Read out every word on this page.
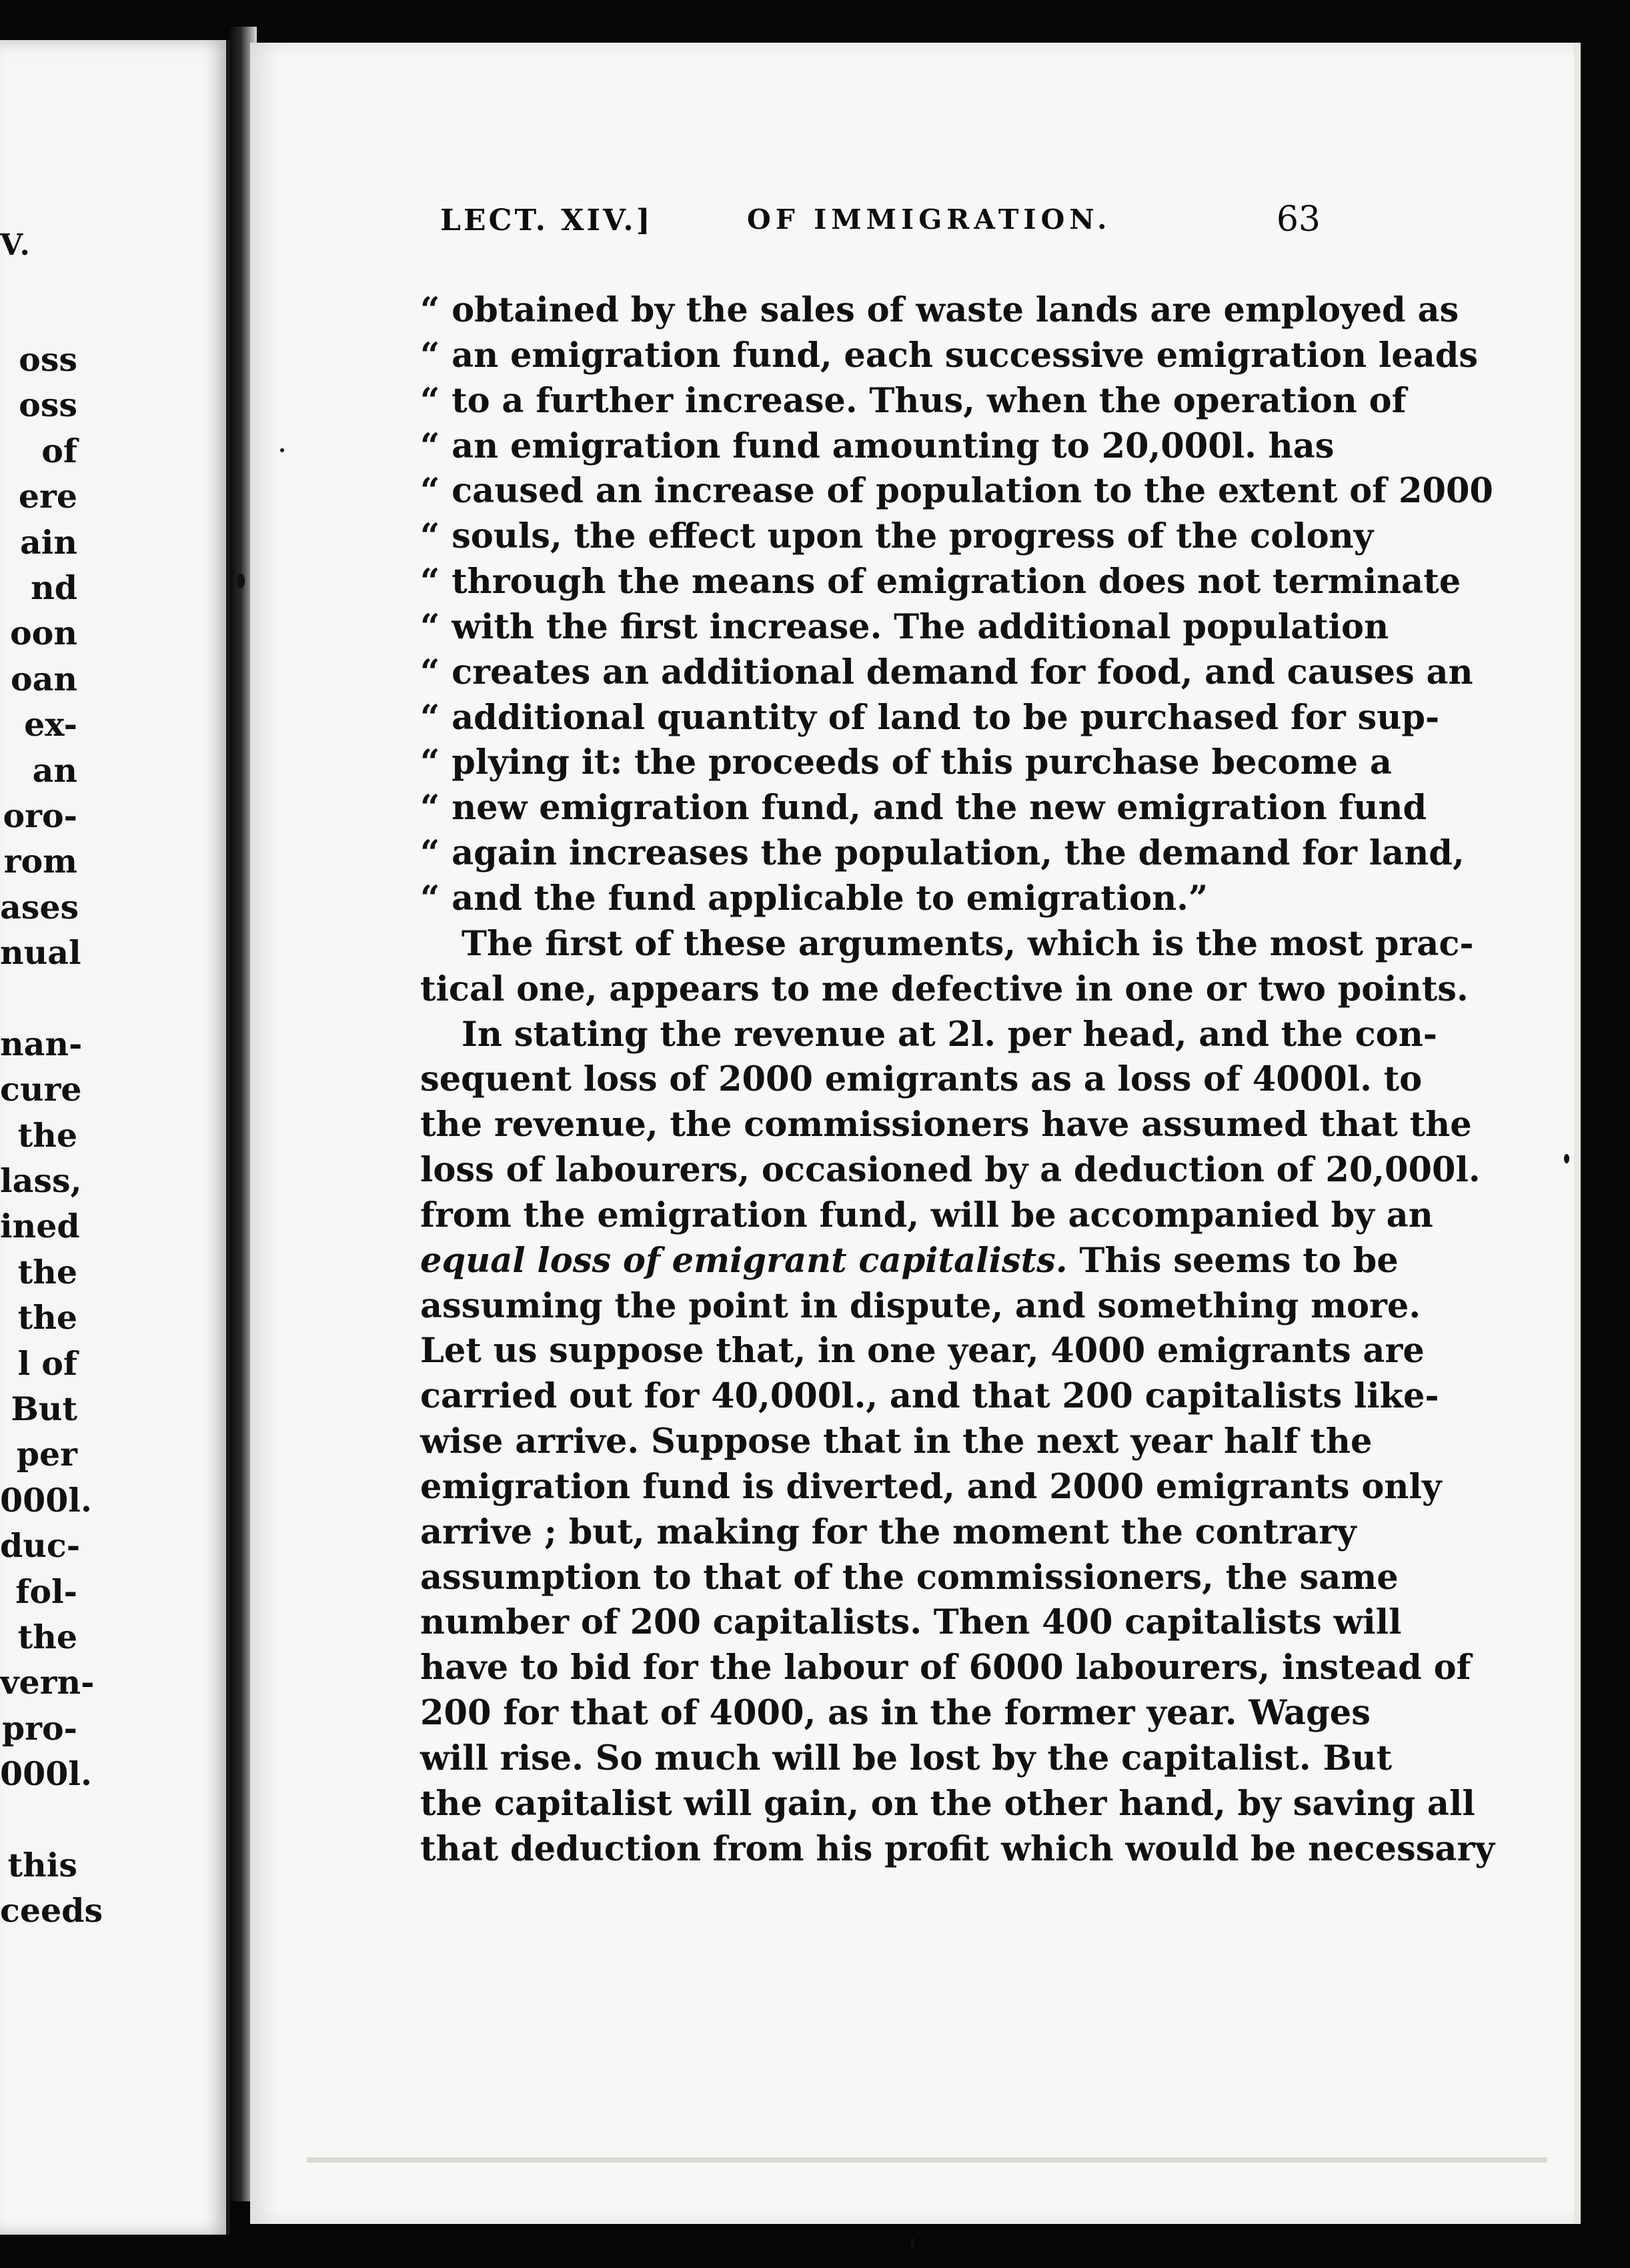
V.
oss
oss
of
ere
ain
nd
oon
oan
ex-
an
oro-
rom
ases
nual
nan-
cure
the
lass,
ined
the
the
l of
But
per
000l.
duc-
fol-
the
vern-
pro-
000l.
this
ceeds
LECT. XIV.]	OF IMMIGRATION.	63
“ obtained by the sales of waste lands are employed as
“ an emigration fund, each successive emigration leads
“ to a further increase. Thus, when the operation of
“ an emigration fund amounting to 20,000l. has
“ caused an increase of population to the extent of 2000
“ souls, the effect upon the progress of the colony
“ through the means of emigration does not terminate
“ with the first increase. The additional population
“ creates an additional demand for food, and causes an
“ additional quantity of land to be purchased for sup-
“ plying it: the proceeds of this purchase become a
“ new emigration fund, and the new emigration fund
“ again increases the population, the demand for land,
“ and the fund applicable to emigration.”
The first of these arguments, which is the most prac-
tical one, appears to me defective in one or two points.
In stating the revenue at 2l. per head, and the con-
sequent loss of 2000 emigrants as a loss of 4000l. to
the revenue, the commissioners have assumed that the
loss of labourers, occasioned by a deduction of 20,000l.
from the emigration fund, will be accompanied by an
equal loss of emigrant capitalists. This seems to be
assuming the point in dispute, and something more.
Let us suppose that, in one year, 4000 emigrants are
carried out for 40,000l., and that 200 capitalists like-
wise arrive. Suppose that in the next year half the
emigration fund is diverted, and 2000 emigrants only
arrive ; but, making for the moment the contrary
assumption to that of the commissioners, the same
number of 200 capitalists. Then 400 capitalists will
have to bid for the labour of 6000 labourers, instead of
200 for that of 4000, as in the former year. Wages
will rise. So much will be lost by the capitalist. But
the capitalist will gain, on the other hand, by saving all
that deduction from his profit which would be necessary
